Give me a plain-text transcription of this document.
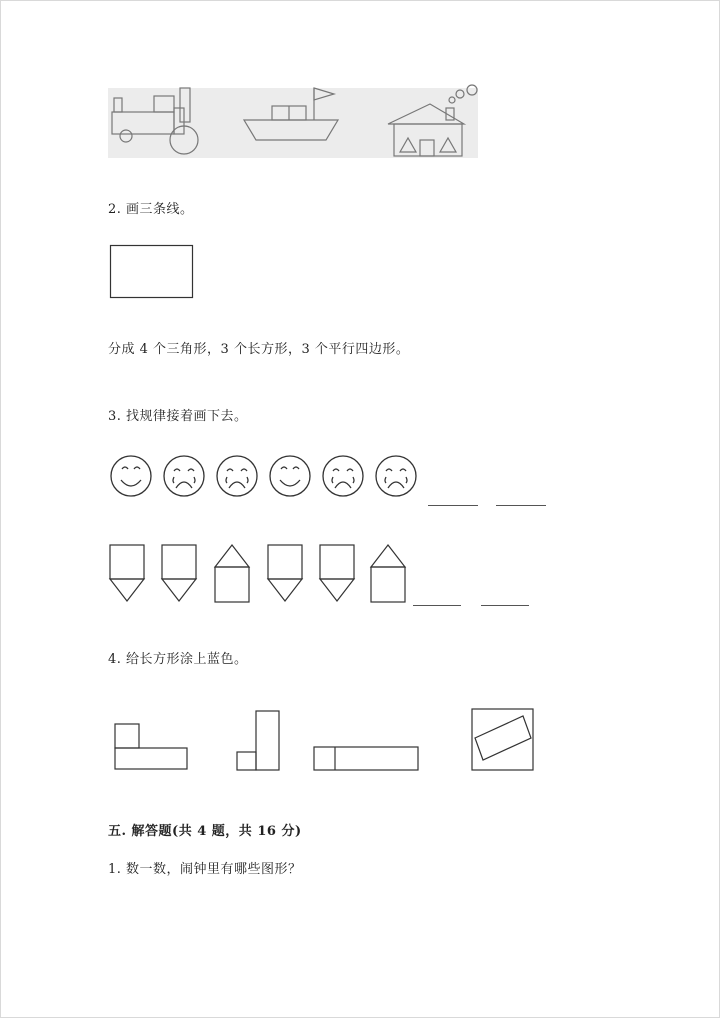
2. 画三条线。
分成 4 个三角形，3 个长方形，3 个平行四边形。
3. 找规律接着画下去。
4. 给长方形涂上蓝色。
五. 解答题(共 4 题，共 16 分)
1. 数一数，闹钟里有哪些图形？
